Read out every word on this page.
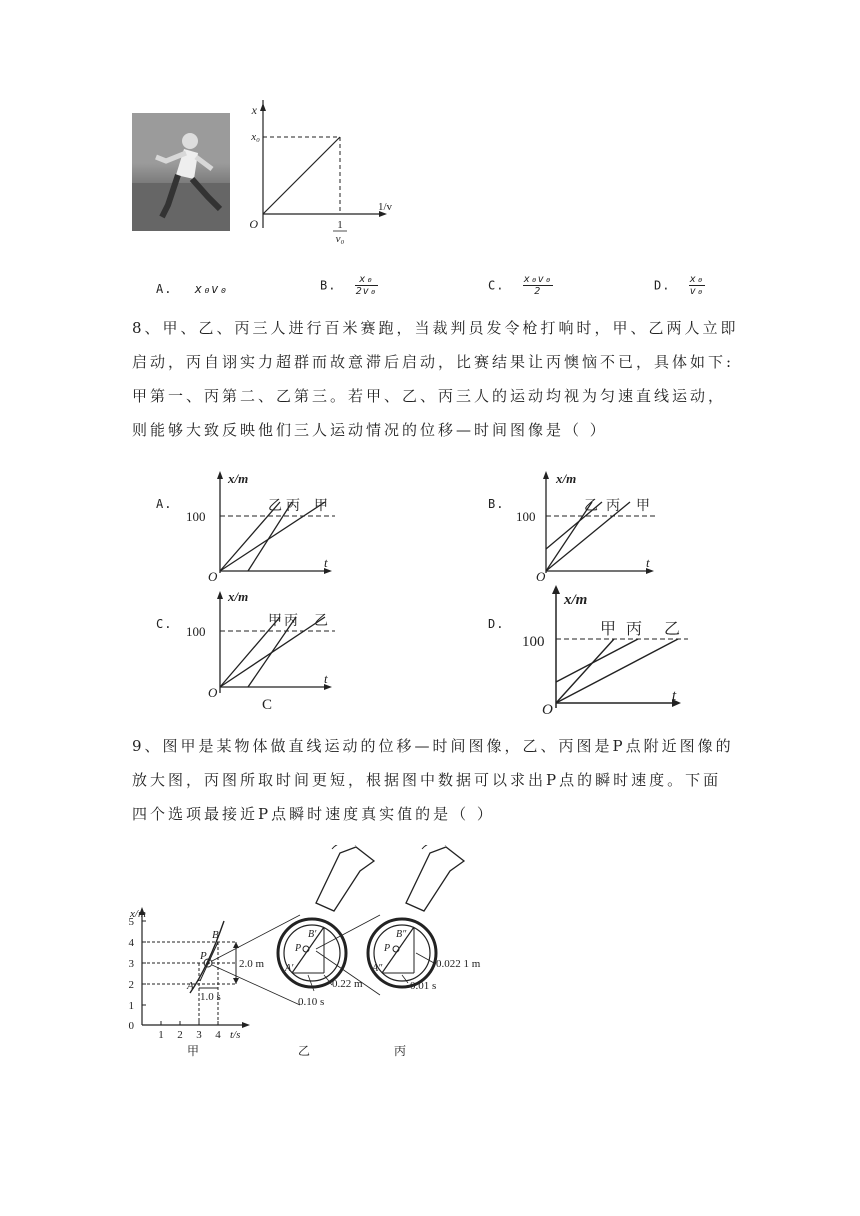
x
x₀
O	1
v₀
1/v
A. x₀v₀	B. $\frac{\text{x₀}}{\text{2v₀}}$	C. $\frac{\text{x₀v₀}}{2}$	D. $\frac{\text{x₀}}{\text{v₀}}$
8、甲、乙、丙三人进行百米赛跑，当裁判员发令枪打响时，甲、乙两人立即
启动，丙自诩实力超群而故意滞后启动，比赛结果让丙懊恼不已，具体如下:
甲第一、丙第二、乙第三。若甲、乙、丙三人的运动均视为匀速直线运动，
则能够大致反映他们三人运动情况的位移—时间图像是（ ）
A.
x/m
100
O
t
乙 丙 甲	B.
x/m
100
O
t
乙 丙 甲
C.
x/m
100
O
t
甲 丙 乙
C
D.
x/m
100
O
t
甲 丙 乙
9、图甲是某物体做直线运动的位移—时间图像，乙、丙图是P点附近图像的
放大图，丙图所取时间更短，根据图中数据可以求出P点的瞬时速度。下面
四个选项最接近P点瞬时速度真实值的是（ ）
x/m
t/s
0
1
2
3
4
5
1 2 3 4
A
B
P
2.0 m
1.0 s
甲
B′
P
A′
0.22 m
0.10 s
乙
B″
P
A″	0.022 1 m
0.01 s
丙
